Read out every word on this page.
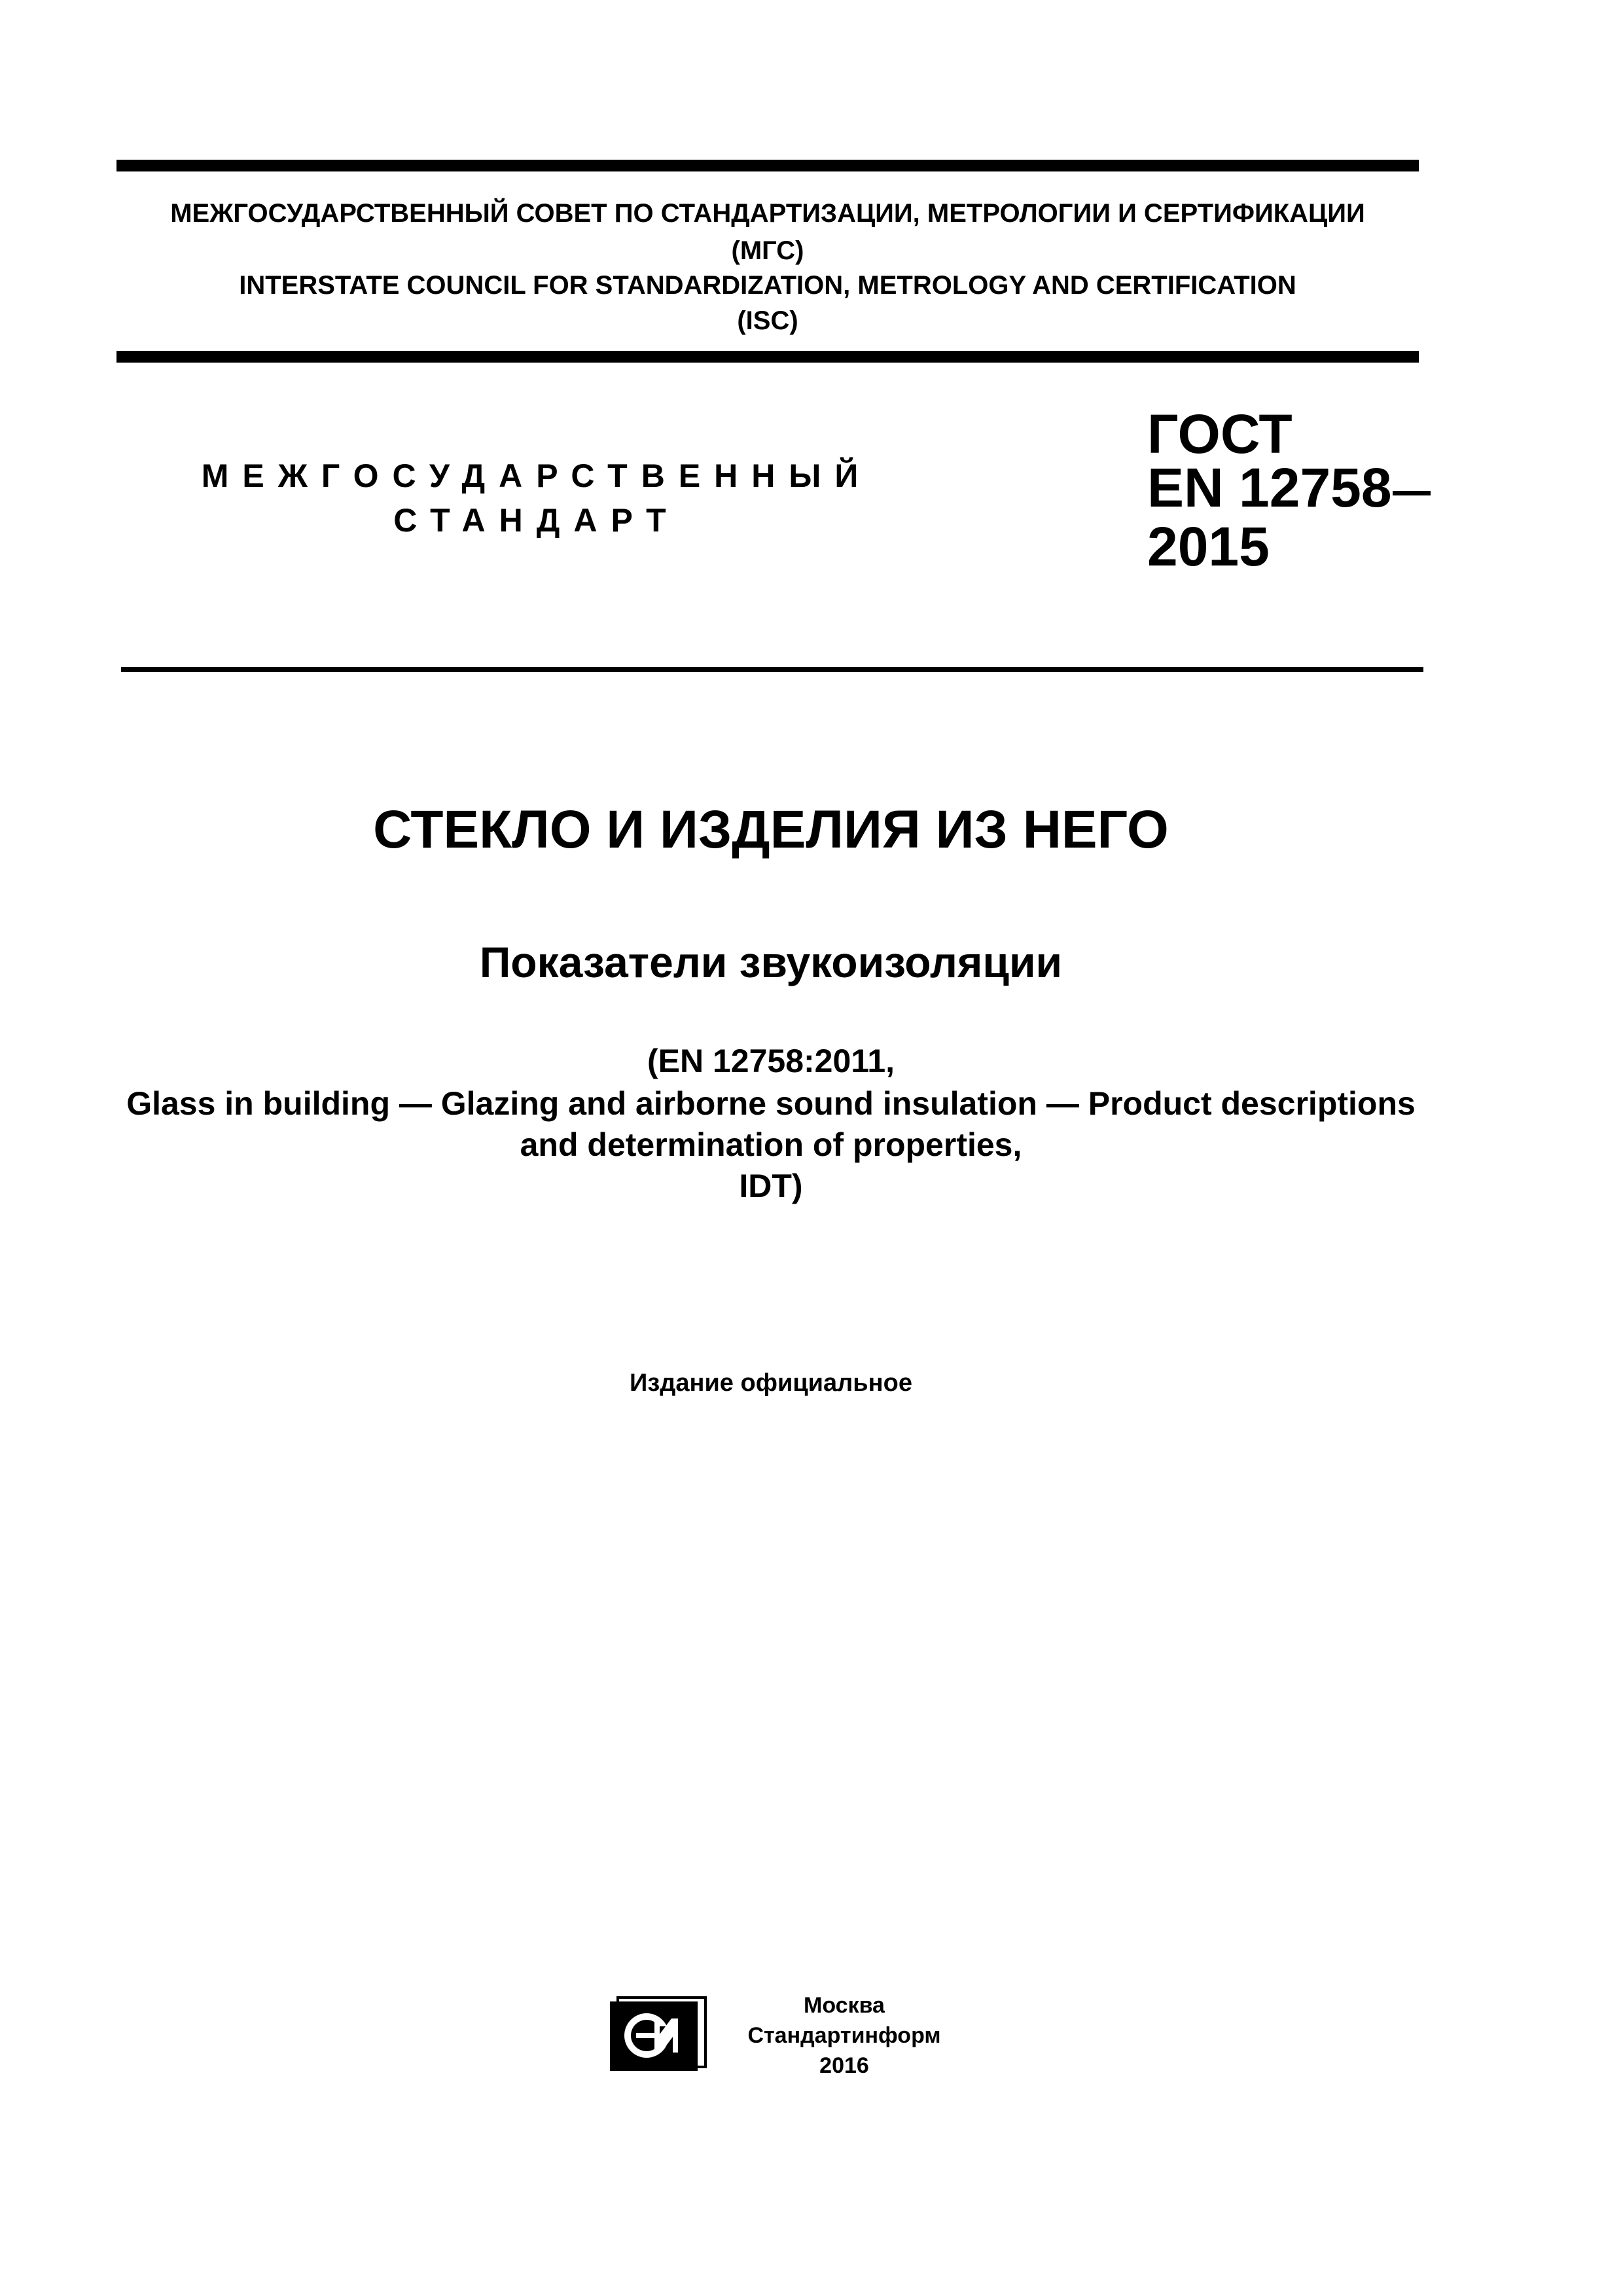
МЕЖГОСУДАРСТВЕННЫЙ СОВЕТ ПО СТАНДАРТИЗАЦИИ, МЕТРОЛОГИИ И СЕРТИФИКАЦИИ
(МГС)
INTERSTATE COUNCIL FOR STANDARDIZATION, METROLOGY AND CERTIFICATION
(ISC)
МЕЖГОСУДАРСТВЕННЫЙ
СТАНДАРТ
ГОСТ
EN 12758
2015
СТЕКЛО И ИЗДЕЛИЯ ИЗ НЕГО
Показатели звукоизоляции
(EN 12758:2011,
Glass in building — Glazing and airborne sound insulation — Product descriptions
and determination of properties,
IDT)
Издание официальное
Москва
Стандартинформ
2016
